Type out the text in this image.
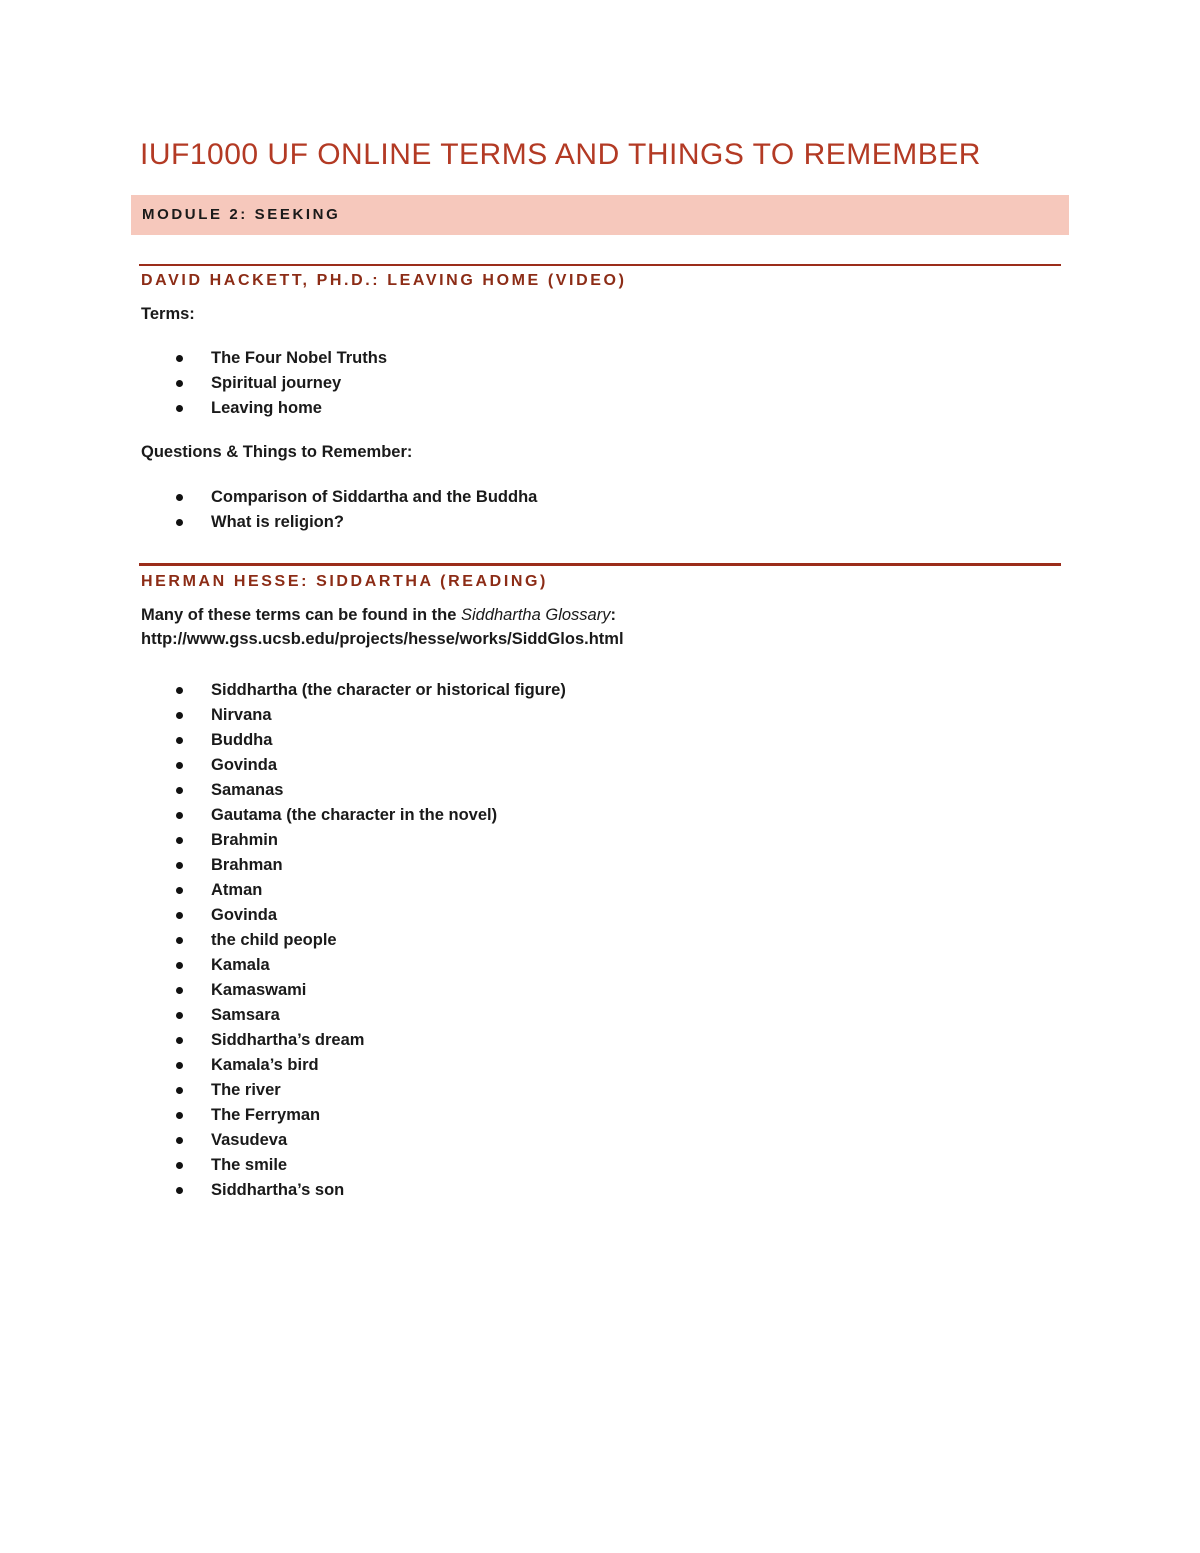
IUF1000 UF ONLINE TERMS AND THINGS TO REMEMBER
MODULE 2: SEEKING
DAVID HACKETT, PH.D.: LEAVING HOME (VIDEO)
Terms:
The Four Nobel Truths
Spiritual journey
Leaving home
Questions & Things to Remember:
Comparison of Siddartha and the Buddha
What is religion?
HERMAN HESSE: SIDDARTHA (READING)
Many of these terms can be found in the Siddhartha Glossary:
http://www.gss.ucsb.edu/projects/hesse/works/SiddGlos.html
Siddhartha (the character or historical figure)
Nirvana
Buddha
Govinda
Samanas
Gautama (the character in the novel)
Brahmin
Brahman
Atman
Govinda
the child people
Kamala
Kamaswami
Samsara
Siddhartha’s dream
Kamala’s bird
The river
The Ferryman
Vasudeva
The smile
Siddhartha’s son
